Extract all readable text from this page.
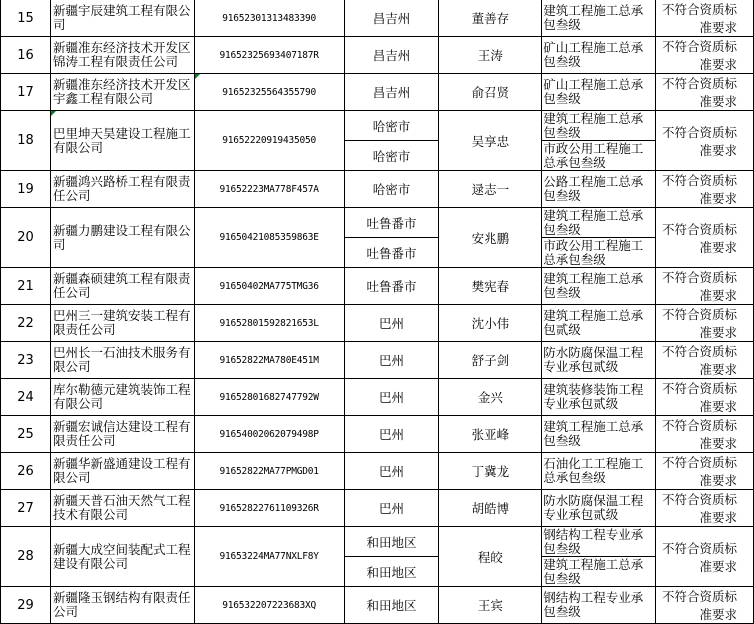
15	新疆宇辰建筑工程有限公司	91652301313483390	昌吉州	董善存	建筑工程施工总承包叁级	不符合资质标准要求
16	新疆准东经济技术开发区锦涛工程有限责任公司	91652325693407187R	昌吉州	王涛	矿山工程施工总承包叁级	不符合资质标准要求
17	新疆准东经济技术开发区宇鑫工程有限公司	91652325564355790	昌吉州	俞召贤	矿山工程施工总承包叁级	不符合资质标准要求
18	巴里坤天昊建设工程施工有限公司	91652220919435050	哈密市	吴享忠	建筑工程施工总承包叁级	不符合资质标准要求
			哈密市		市政公用工程施工总承包叁级	
19	新疆鸿兴路桥工程有限责任公司	91652223MA778F457A	哈密市	逯志一	公路工程施工总承包叁级	不符合资质标准要求
20	新疆力鹏建设工程有限公司	91650421085359863E	吐鲁番市	安兆鹏	建筑工程施工总承包叁级	不符合资质标准要求
			吐鲁番市		市政公用工程施工总承包叁级	
21	新疆森硕建筑工程有限责任公司	91650402MA775TMG36	吐鲁番市	樊宪春	建筑工程施工总承包叁级	不符合资质标准要求
22	巴州三一建筑安装工程有限责任公司	91652801592821653L	巴州	沈小伟	建筑工程施工总承包贰级	不符合资质标准要求
23	巴州长一石油技术服务有限公司	91652822MA780E451M	巴州	舒子剑	防水防腐保温工程专业承包贰级	不符合资质标准要求
24	库尔勒德元建筑装饰工程有限公司	91652801682747792W	巴州	金兴	建筑装修装饰工程专业承包贰级	不符合资质标准要求
25	新疆宏诚信达建设工程有限责任公司	91654002062079498P	巴州	张亚峰	建筑工程施工总承包叁级	不符合资质标准要求
26	新疆华新盛通建设工程有限公司	91652822MA77PMGD01	巴州	丁冀龙	石油化工工程施工总承包叁级	不符合资质标准要求
27	新疆天普石油天然气工程技术有限公司	91652822761109326R	巴州	胡皓博	防水防腐保温工程专业承包贰级	不符合资质标准要求
28	新疆大成空间装配式工程建设有限公司	91653224MA77NXLF8Y	和田地区	程皎	钢结构工程专业承包叁级	不符合资质标准要求
			和田地区		建筑工程施工总承包叁级	
29	新疆隆玉钢结构有限责任公司	916532207223683XQ	和田地区	王宾	钢结构工程专业承包叁级	不符合资质标准要求
